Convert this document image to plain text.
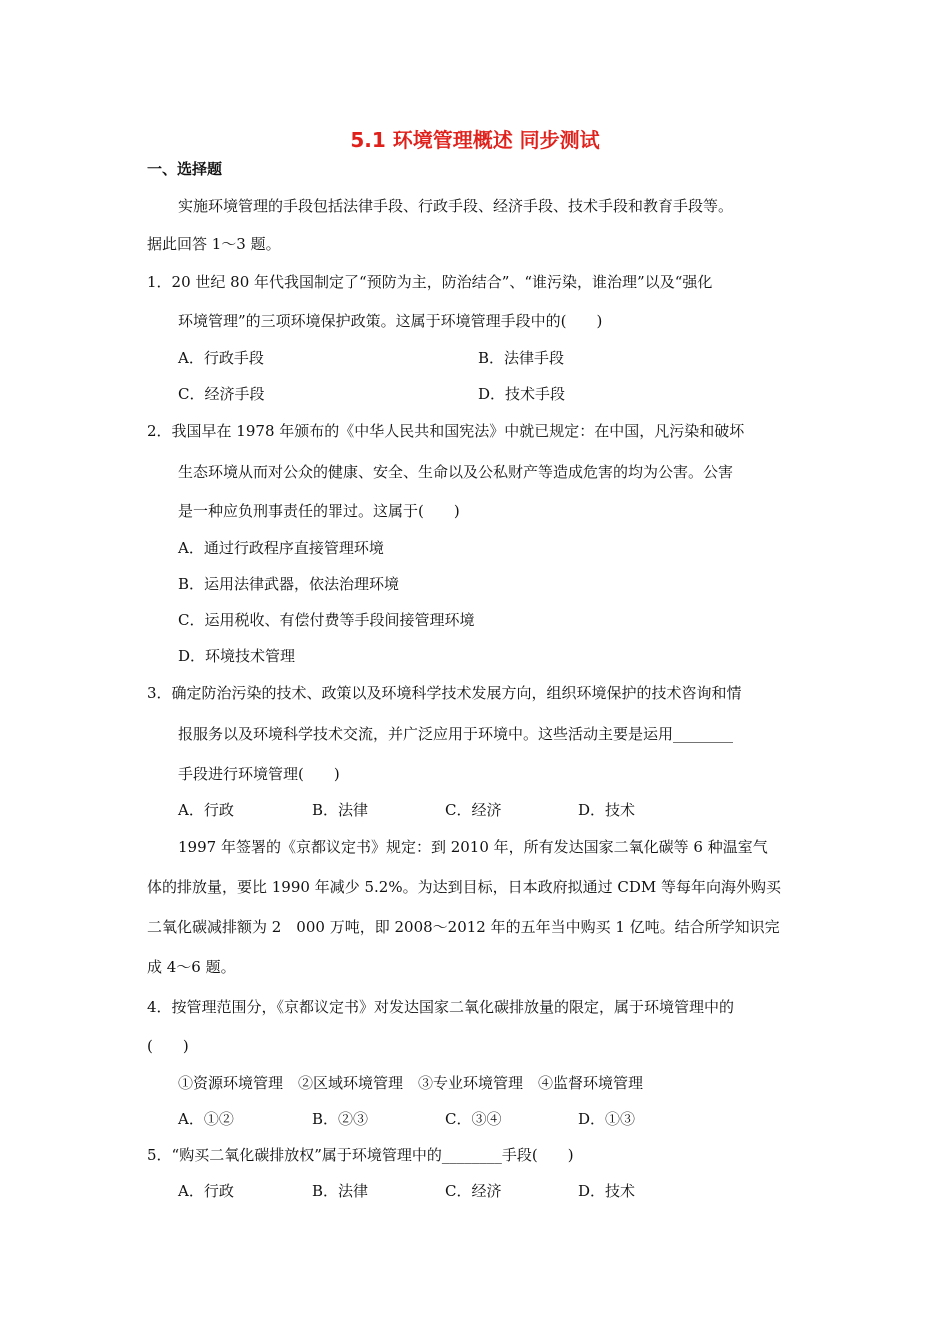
5.1 环境管理概述 同步测试
一、选择题
实施环境管理的手段包括法律手段、行政手段、经济手段、技术手段和教育手段等。
据此回答 1～3 题。
1．20 世纪 80 年代我国制定了“预防为主，防治结合”、“谁污染，谁治理”以及“强化
环境管理”的三项环境保护政策。这属于环境管理手段中的(　　)
A．行政手段	B．法律手段
C．经济手段	D．技术手段
2．我国早在 1978 年颁布的《中华人民共和国宪法》中就已规定：在中国，凡污染和破坏
生态环境从而对公众的健康、安全、生命以及公私财产等造成危害的均为公害。公害
是一种应负刑事责任的罪过。这属于(　　)
A．通过行政程序直接管理环境
B．运用法律武器，依法治理环境
C．运用税收、有偿付费等手段间接管理环境
D．环境技术管理
3．确定防治污染的技术、政策以及环境科学技术发展方向，组织环境保护的技术咨询和情
报服务以及环境科学技术交流，并广泛应用于环境中。这些活动主要是运用________
手段进行环境管理(　　)
A．行政	B．法律	C．经济	D．技术
1997 年签署的《京都议定书》规定：到 2010 年，所有发达国家二氧化碳等 6 种温室气
体的排放量，要比 1990 年减少 5.2%。为达到目标，日本政府拟通过 CDM 等每年向海外购买
二氧化碳减排额为 2　000 万吨，即 2008～2012 年的五年当中购买 1 亿吨。结合所学知识完
成 4～6 题。
4．按管理范围分，《京都议定书》对发达国家二氧化碳排放量的限定，属于环境管理中的
(　　)
①资源环境管理　②区域环境管理　③专业环境管理　④监督环境管理
A．①②	B．②③	C．③④	D．①③
5．“购买二氧化碳排放权”属于环境管理中的________手段(　　)
A．行政	B．法律	C．经济	D．技术
